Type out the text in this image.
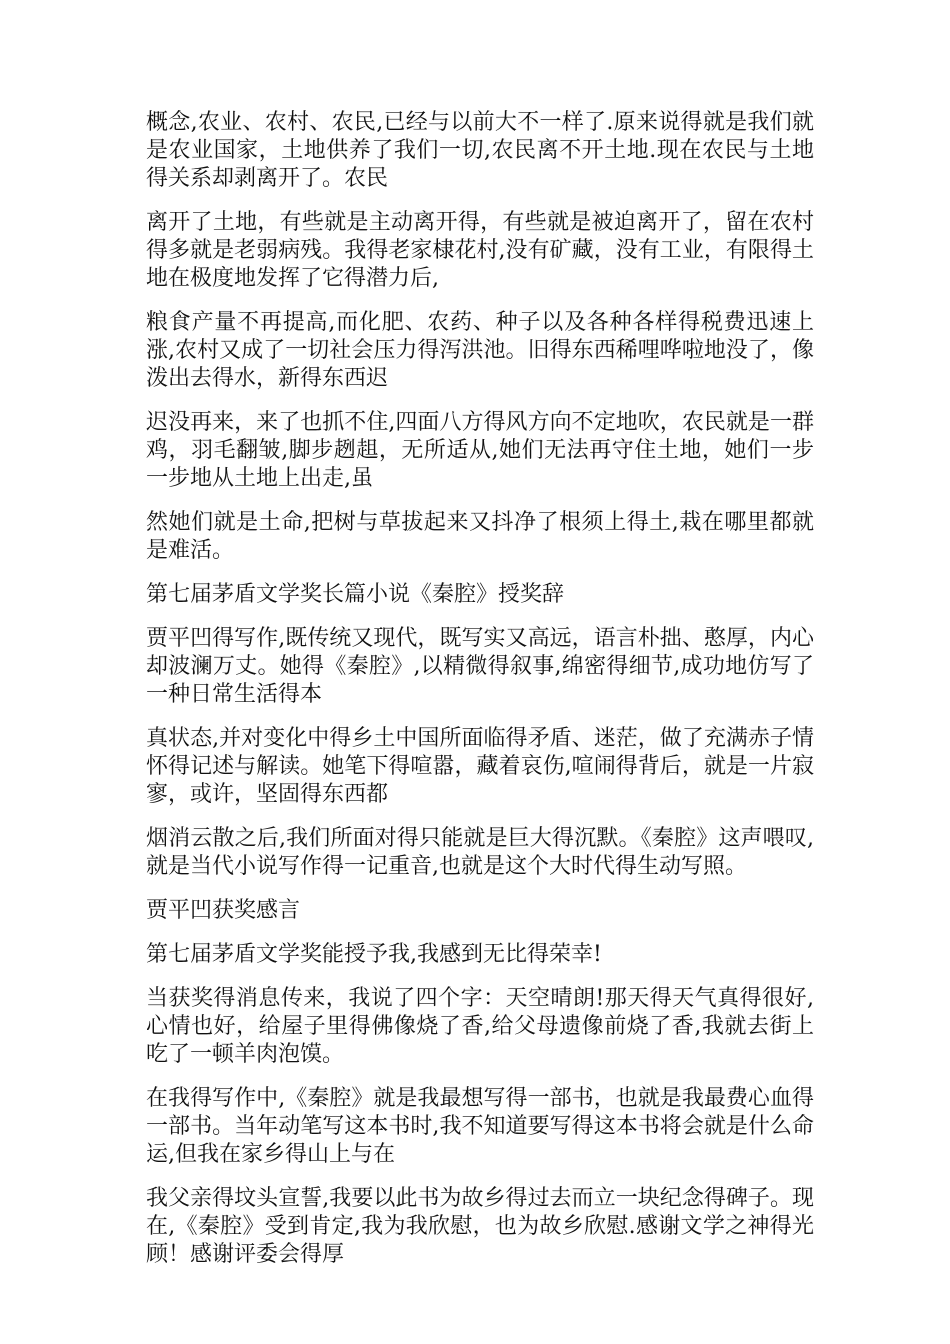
概念,农业、农村、农民,已经与以前大不一样了.原来说得就是我们就是农业国家，土地供养了我们一切,农民离不开土地.现在农民与土地得关系却剥离开了。农民

离开了土地，有些就是主动离开得，有些就是被迫离开了，留在农村得多就是老弱病残。我得老家棣花村,没有矿藏，没有工业，有限得土地在极度地发挥了它得潜力后,

粮食产量不再提高,而化肥、农药、种子以及各种各样得税费迅速上涨,农村又成了一切社会压力得泻洪池。旧得东西稀哩哗啦地没了，像泼出去得水，新得东西迟

迟没再来，来了也抓不住,四面八方得风方向不定地吹，农民就是一群鸡，羽毛翻皱,脚步趔趄，无所适从,她们无法再守住土地，她们一步一步地从土地上出走,虽

然她们就是土命,把树与草拔起来又抖净了根须上得土,栽在哪里都就是难活。

第七届茅盾文学奖长篇小说《秦腔》授奖辞

贾平凹得写作,既传统又现代，既写实又高远，语言朴拙、憨厚，内心却波澜万丈。她得《秦腔》,以精微得叙事,绵密得细节,成功地仿写了一种日常生活得本

真状态,并对变化中得乡土中国所面临得矛盾、迷茫，做了充满赤子情怀得记述与解读。她笔下得喧嚣，藏着哀伤,喧闹得背后，就是一片寂寥，或许，坚固得东西都

烟消云散之后,我们所面对得只能就是巨大得沉默。《秦腔》这声喂叹,就是当代小说写作得一记重音,也就是这个大时代得生动写照。

贾平凹获奖感言

第七届茅盾文学奖能授予我,我感到无比得荣幸!

当获奖得消息传来，我说了四个字：天空晴朗!那天得天气真得很好,心情也好，给屋子里得佛像烧了香,给父母遗像前烧了香,我就去街上吃了一顿羊肉泡馍。

在我得写作中,《秦腔》就是我最想写得一部书，也就是我最费心血得一部书。当年动笔写这本书时,我不知道要写得这本书将会就是什么命运,但我在家乡得山上与在

我父亲得坟头宣誓,我要以此书为故乡得过去而立一块纪念得碑子。现在,《秦腔》受到肯定,我为我欣慰，也为故乡欣慰.感谢文学之神得光顾！感谢评委会得厚
